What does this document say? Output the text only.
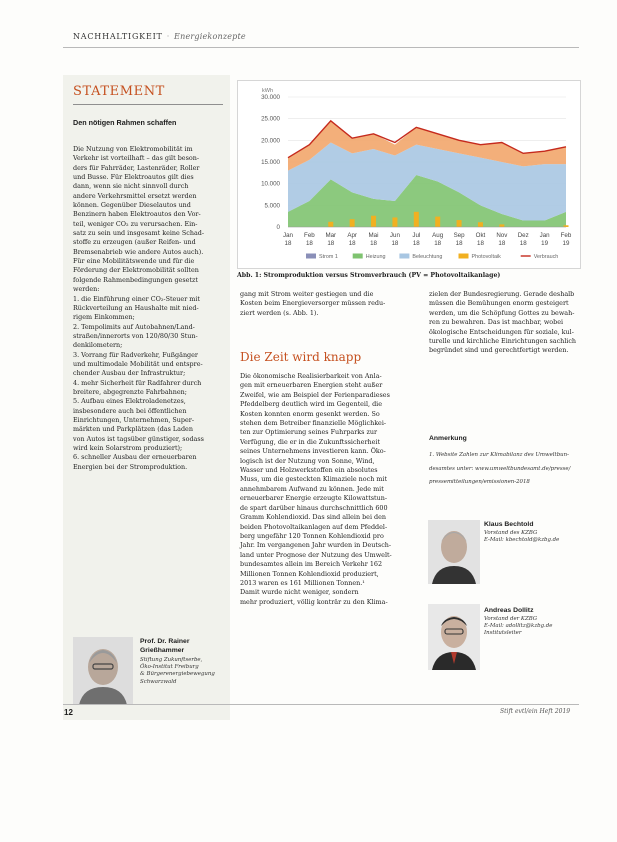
NACHHALTIGKEIT · Energiekonzepte
STATEMENT
Den nötigen Rahmen schaffen

Die Nutzung von Elektromobilität im

Verkehr ist vorteilhaft – das gilt beson-

ders für Fahrräder, Lastenräder, Roller

und Busse. Für Elektroautos gilt dies

dann, wenn sie nicht sinnvoll durch

andere Verkehrsmittel ersetzt werden

können. Gegenüber Dieselautos und

Benzinern haben Elektroautos den Vor-

teil, weniger CO₂ zu verursachen. Ein-

satz zu sein und insgesamt keine Schad-

stoffe zu erzeugen (außer Reifen- und

Bremsenabrieb wie andere Autos auch).

Für eine Mobilitätswende und für die

Förderung der Elektromobilität sollten

folgende Rahmenbedingungen gesetzt

werden:

1. die Einführung einer CO₂-Steuer mit

Rückverteilung an Haushalte mit nied-

rigem Einkommen;

2. Tempolimits auf Autobahnen/Land-

straßen/innerorts von 120/80/30 Stun-

denkilometern;

3. Vorrang für Radverkehr, Fußgänger

und multimodale Mobilität und entspre-

chender Ausbau der Infrastruktur;

4. mehr Sicherheit für Radfahrer durch

breitere, abgegrenzte Fahrbahnen;

5. Aufbau eines Elektroladenetzes,

insbesondere auch bei öffentlichen

Einrichtungen, Unternehmen, Super-

märkten und Parkplätzen (das Laden

von Autos ist tagsüber günstiger, sodass

wird kein Solarstrom produziert);

6. schneller Ausbau der erneuerbaren

Energien bei der Stromproduktion.

Prof. Dr. Rainer
Grießhammer
Stiftung Zukunftserbe,
Öko-Institut Freiburg
& Bürgerenergiebewegung
Schwarzwald
kWh
30.000
25.000
20.000
15.000
10.000
5.000
0
Jan
18
Feb
18
Mar
18
Apr
18
Mai
18
Jun
18
Jul
18
Aug
18
Sep
18
Okt
18
Nov
18
Dez
18
Jan
19
Feb
19
Strom 1	Heizung	Beleuchtung	Photovoltaik	Verbrauch
Abb. 1: Stromproduktion versus Stromverbrauch (PV = Photovoltaikanlage)

gang mit Strom weiter gestiegen und die

Kosten beim Energieversorger müssen redu-

ziert werden (s. Abb. 1).

Die Zeit wird knapp

Die ökonomische Realisierbarkeit von Anla-

gen mit erneuerbaren Energien steht außer

Zweifel, wie am Beispiel der Ferienparadieses

Pfeddelberg deutlich wird im Gegenteil, die

Kosten konnten enorm gesenkt werden. So

stehen dem Betreiber finanzielle Möglichkei-

ten zur Optimierung seines Fuhrparks zur

Verfügung, die er in die Zukunftssicherheit

seines Unternehmens investieren kann. Öko-

logisch ist der Nutzung von Sonne, Wind,

Wasser und Holzwerkstoffen ein absolutes

Muss, um die gesteckten Klimaziele noch mit

annehmbarem Aufwand zu können. Jede mit

erneuerbarer Energie erzeugte Kilowattstun-

de spart darüber hinaus durchschnittlich 600

Gramm Kohlendioxid. Das sind allein bei den

beiden Photovoltaikanlagen auf dem Pfeddel-

berg ungefähr 120 Tonnen Kohlendioxid pro

Jahr. Im vergangenen Jahr wurden in Deutsch-

land unter Prognose der Nutzung des Umwelt-

bundesamtes allein im Bereich Verkehr 162

Millionen Tonnen Kohlendioxid produziert,

2013 waren es 161 Millionen Tonnen.¹

Damit wurde nicht weniger, sondern

mehr produziert, völlig konträr zu den Klima-

zielen der Bundesregierung. Gerade deshalb

müssen die Bemühungen enorm gesteigert

werden, um die Schöpfung Gottes zu bewah-

ren zu bewahren. Das ist machbar, wobei

ökologische Entscheidungen für soziale, kul-

turelle und kirchliche Einrichtungen sachlich

begründet sind und gerechtfertigt werden.

Anmerkung

1. Website Zahlen zur Klimabilanz des Umweltbun-

desamtes unter: www.umweltbundesamt.de/presse/

pressemitteilungen/emissionen-2018

Klaus Bechtold
Vorstand des KZBG
E-Mail: kbechtold@kzbg.de
Andreas Dollitz
Vorstand der KZBG
E-Mail: adollitz@kzbg.de
Institutsleiter
12	Stift evtl/ein Heft 2019
